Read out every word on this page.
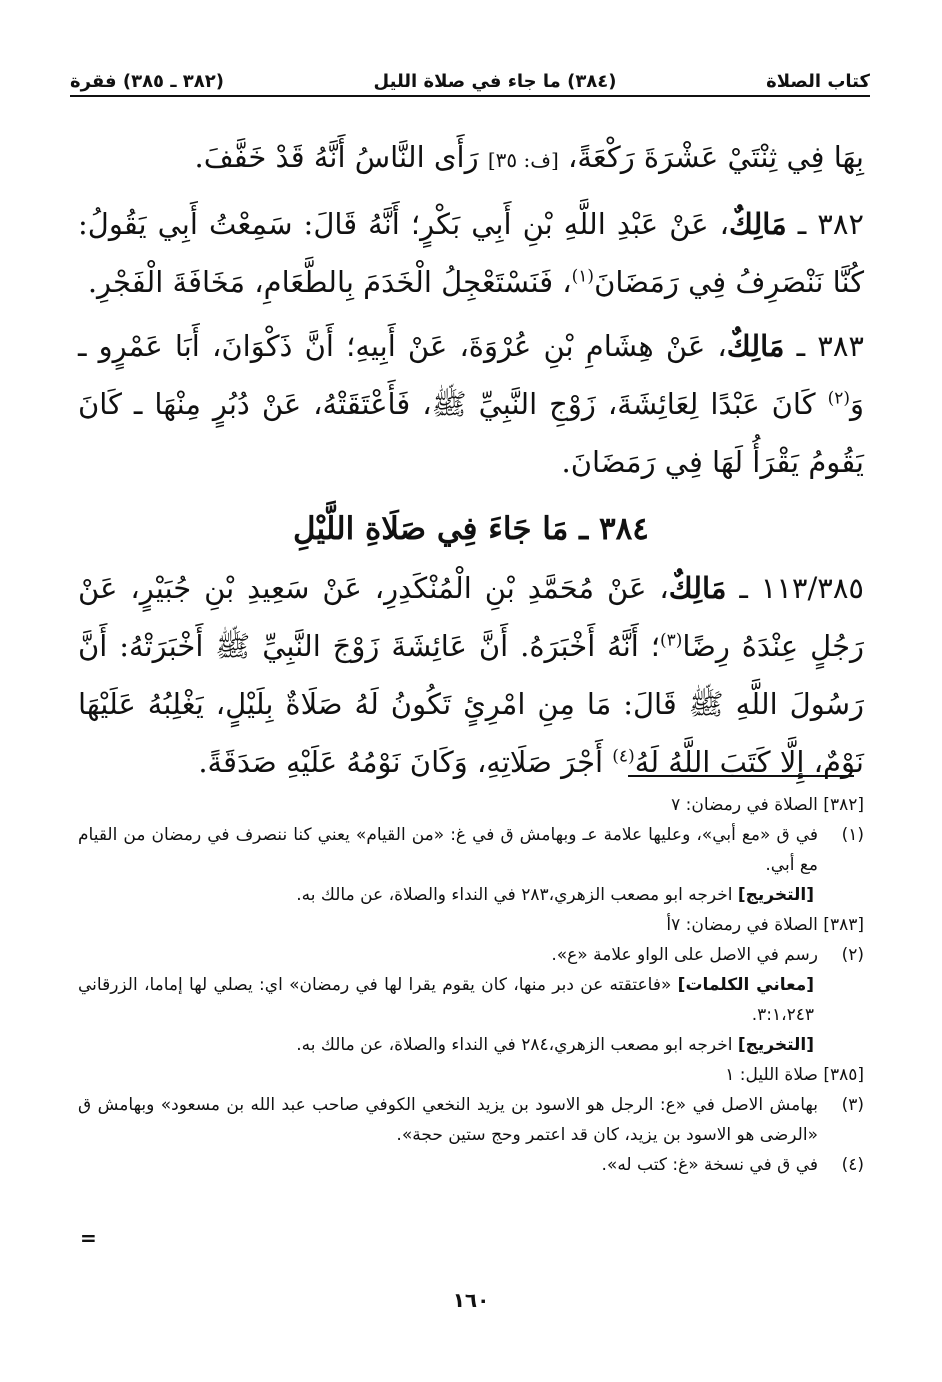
كتاب الصلاة
(٣٨٤) ما جاء في صلاة الليل
(٣٨٢ ـ ٣٨٥) فقرة

بِهَا فِي ثِنْتَيْ عَشْرَةَ رَكْعَةً، [ف: ٣٥] رَأَى النَّاسُ أَنَّهُ قَدْ خَفَّفَ.

٣٨٢ ـ مَالِكٌ، عَنْ عَبْدِ اللَّهِ بْنِ أَبِي بَكْرٍ؛ أَنَّهُ قَالَ: سَمِعْتُ أَبِي يَقُولُ: كُنَّا نَنْصَرِفُ فِي رَمَضَانَ$^{(١)}$، فَنَسْتَعْجِلُ الْخَدَمَ بِالطَّعَامِ، مَخَافَةَ الْفَجْرِ.

٣٨٣ ـ مَالِكٌ، عَنْ هِشَامِ بْنِ عُرْوَةَ، عَنْ أَبِيهِ؛ أَنَّ ذَكْوَانَ، أَبَا عَمْرٍو ـ وَ$^{(٢)}$ كَانَ عَبْدًا لِعَائِشَةَ، زَوْجِ النَّبِيِّ ﷺ، فَأَعْتَقَتْهُ، عَنْ دُبُرٍ مِنْهَا ـ كَانَ يَقُومُ يَقْرَأُ لَهَا فِي رَمَضَانَ.

٣٨٤ ـ مَا جَاءَ فِي صَلَاةِ اللَّيْلِ

١١٣/٣٨٥ ـ مَالِكٌ، عَنْ مُحَمَّدِ بْنِ الْمُنْكَدِرِ، عَنْ سَعِيدِ بْنِ جُبَيْرٍ، عَنْ رَجُلٍ عِنْدَهُ رِضًا$^{(٣)}$؛ أَنَّهُ أَخْبَرَهُ. أَنَّ عَائِشَةَ زَوْجَ النَّبِيِّ ﷺ أَخْبَرَتْهُ: أَنَّ رَسُولَ اللَّهِ ﷺ قَالَ: مَا مِنِ امْرِئٍ تَكُونُ لَهُ صَلَاةٌ بِلَيْلٍ، يَغْلِبُهُ عَلَيْهَا نَوْمٌ، إِلَّا كَتَبَ اللَّهُ لَهُ$^{(٤)}$ أَجْرَ صَلَاتِهِ، وَكَانَ نَوْمُهُ عَلَيْهِ صَدَقَةً.

[٣٨٢] الصلاة في رمضان: ٧
(١)
في ق «مع أبي»، وعليها علامة عـ وبهامش ق في غ: «من القيام» يعني كنا ننصرف في رمضان من القيام مع أبي.
[التخريج] اخرجه ابو مصعب الزهري،٢٨٣ في النداء والصلاة، عن مالك به.
[٣٨٣] الصلاة في رمضان: ٧أ
(٢)
رسم في الاصل على الواو علامة «ع».
[معاني الكلمات] «فاعتقته عن دبر منها، كان يقوم يقرا لها في رمضان» اي: يصلي لها إماما، الزرقاني ٣:١،٢٤٣.
[التخريج] اخرجه ابو مصعب الزهري،٢٨٤ في النداء والصلاة، عن مالك به.
[٣٨٥] صلاة الليل: ١
(٣)
بهامش الاصل في «ع: الرجل هو الاسود بن يزيد النخعي الكوفي صاحب عبد الله بن مسعود» وبهامش ق «الرضى هو الاسود بن يزيد، كان قد اعتمر وحج ستين حجة».
(٤)
في ق في نسخة «غ: كتب له».
=
١٦٠
